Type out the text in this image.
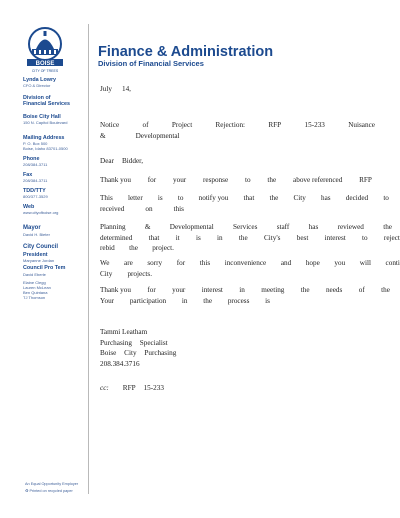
BOISE
CITY OF TREES
Finance & Administration
Division of Financial Services
Lynda Lowry
CFO & Director
Division of
Financial Services
Boise City Hall
150 N. Capitol Boulevard
Mailing Address
P. O. Box 500
Boise, Idaho 83701-0500
Phone
208/384-3711
Fax
208/384-3711
TDD/TTY
800/377-3529
Web
www.cityofboise.org
Mayor
David H. Bieter
City Council
President
Maryanne Jordan
Council Pro Tem
David Eberle
Elaine Clegg
Lauren McLean
Ben Quintana
TJ Thomson
An Equal Opportunity Employer
♻ Printed on recycled paper
July 14,
Notice	of	Project	Rejection:	RFP	15-233	Nuisance
&	Developmental
Dear Bidder,
Thank you for your response to the above referenced RFP
This letter is to notify you that the City has decided to
received	on	this
Planning	&	Developmental	Services	staff	has	reviewed	the
determined that it is in the City's best interest to reject
rebid the project.
We are sorry for this inconvenience and hope you will conti
City projects.
Thank you for your interest in meeting the needs of the
Your participation in the process is
Tammi Leatham
Purchasing Specialist
Boise City Purchasing
208.384.3716
cc: RFP 15-233
